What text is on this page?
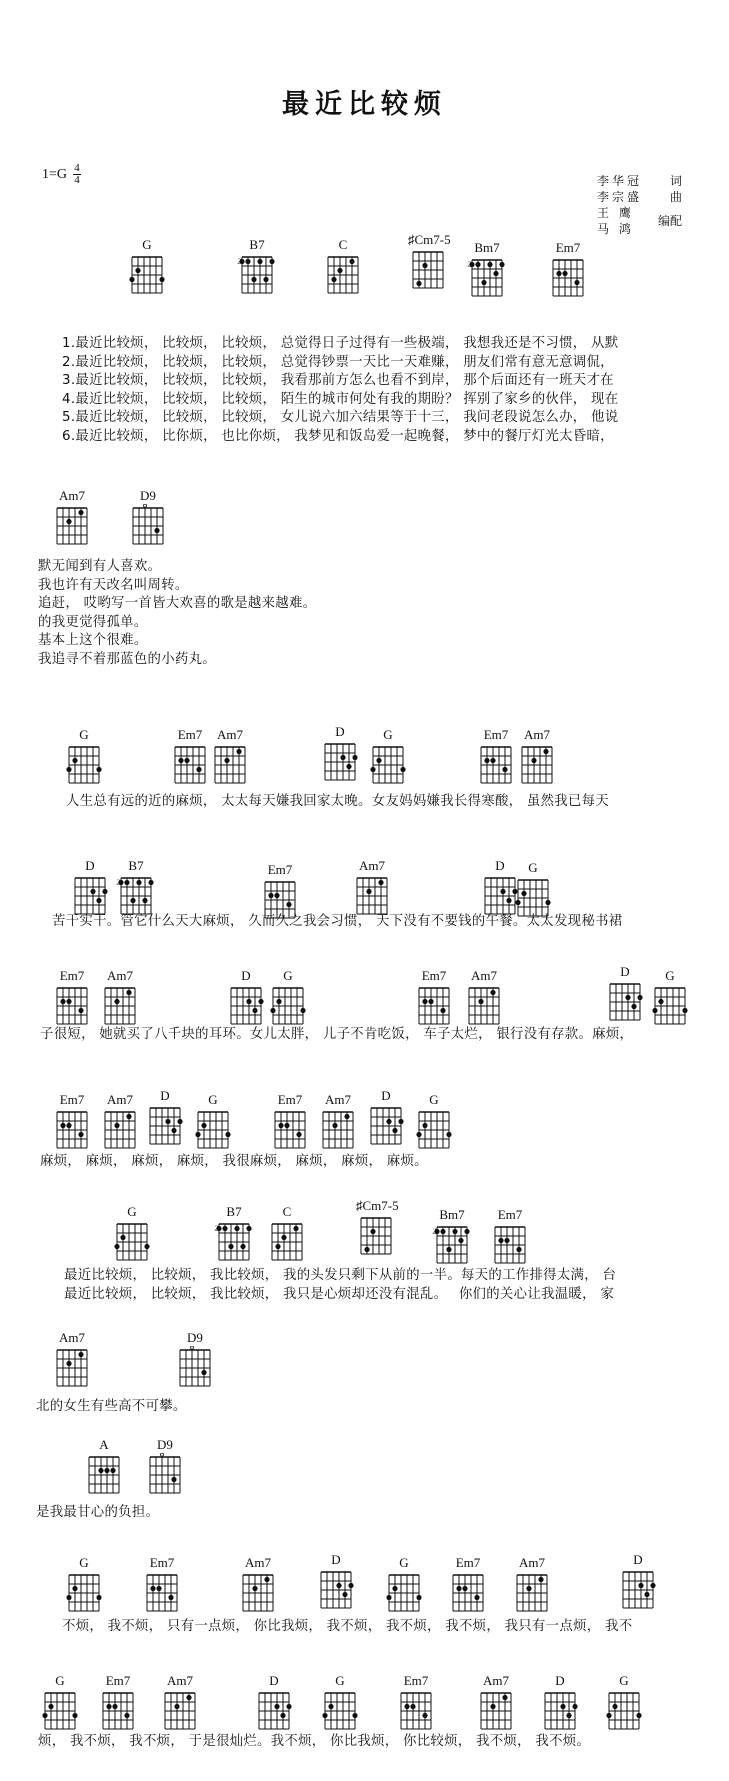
最近比较烦
$1=G \frac{4}{4}$	李华冠	词
李宗盛	曲
王 鹰
马 鸿
编配
G	B7
2
C	♯Cm7-5
Bm7
2
Em7
1.最近比较烦， 比较烦， 比较烦， 总觉得日子过得有一些极端， 我想我还是不习惯， 从默
2.最近比较烦， 比较烦， 比较烦， 总觉得钞票一天比一天难赚， 朋友们常有意无意调侃，
3.最近比较烦， 比较烦， 比较烦， 我看那前方怎么也看不到岸， 那个后面还有一班天才在
4.最近比较烦， 比较烦， 比较烦， 陌生的城市何处有我的期盼？ 挥别了家乡的伙伴， 现在
5.最近比较烦， 比较烦， 比较烦， 女儿说六加六结果等于十三， 我问老段说怎么办， 他说
6.最近比较烦， 比你烦， 也比你烦， 我梦见和饭岛爱一起晚餐， 梦中的餐厅灯光太昏暗，
Am7	D9
默无闻到有人喜欢。
我也许有天改名叫周转。
追赶， 哎哟写一首皆大欢喜的歌是越来越难。
的我更觉得孤单。
基本上这个很难。
我追寻不着那蓝色的小药丸。
G	Em7	Am7	D	G	Em7	Am7
人生总有远的近的麻烦， 太太每天嫌我回家太晚。女友妈妈嫌我长得寒酸， 虽然我已每天
D	B7
2
Em7	Am7	D	G
苦干实干。管它什么天大麻烦， 久而久之我会习惯， 天下没有不要钱的午餐。太太发现秘书裙
Em7	Am7	D	G	Em7	Am7	D	G
子很短， 她就买了八千块的耳环。女儿太胖， 儿子不肯吃饭， 车子太烂， 银行没有存款。麻烦，
Em7	Am7	D	G	Em7	Am7	D	G
麻烦， 麻烦， 麻烦， 麻烦， 我很麻烦， 麻烦， 麻烦， 麻烦。
G	B7
2
C	♯Cm7-5
Bm7
2
Em7
最近比较烦， 比较烦， 我比较烦， 我的头发只剩下从前的一半。每天的工作排得太满， 台
最近比较烦， 比较烦， 我比较烦， 我只是心烦却还没有混乱。　 你们的关心让我温暖， 家
Am7	D9
北的女生有些高不可攀。
A	D9
是我最甘心的负担。
G	Em7	Am7	D	G	Em7	Am7	D
不烦， 我不烦， 只有一点烦， 你比我烦， 我不烦， 我不烦， 我不烦， 我只有一点烦， 我不
G	Em7	Am7	D	G	Em7	Am7	D	G
烦， 我不烦， 我不烦， 于是很灿烂。我不烦， 你比我烦， 你比较烦， 我不烦， 我不烦。
